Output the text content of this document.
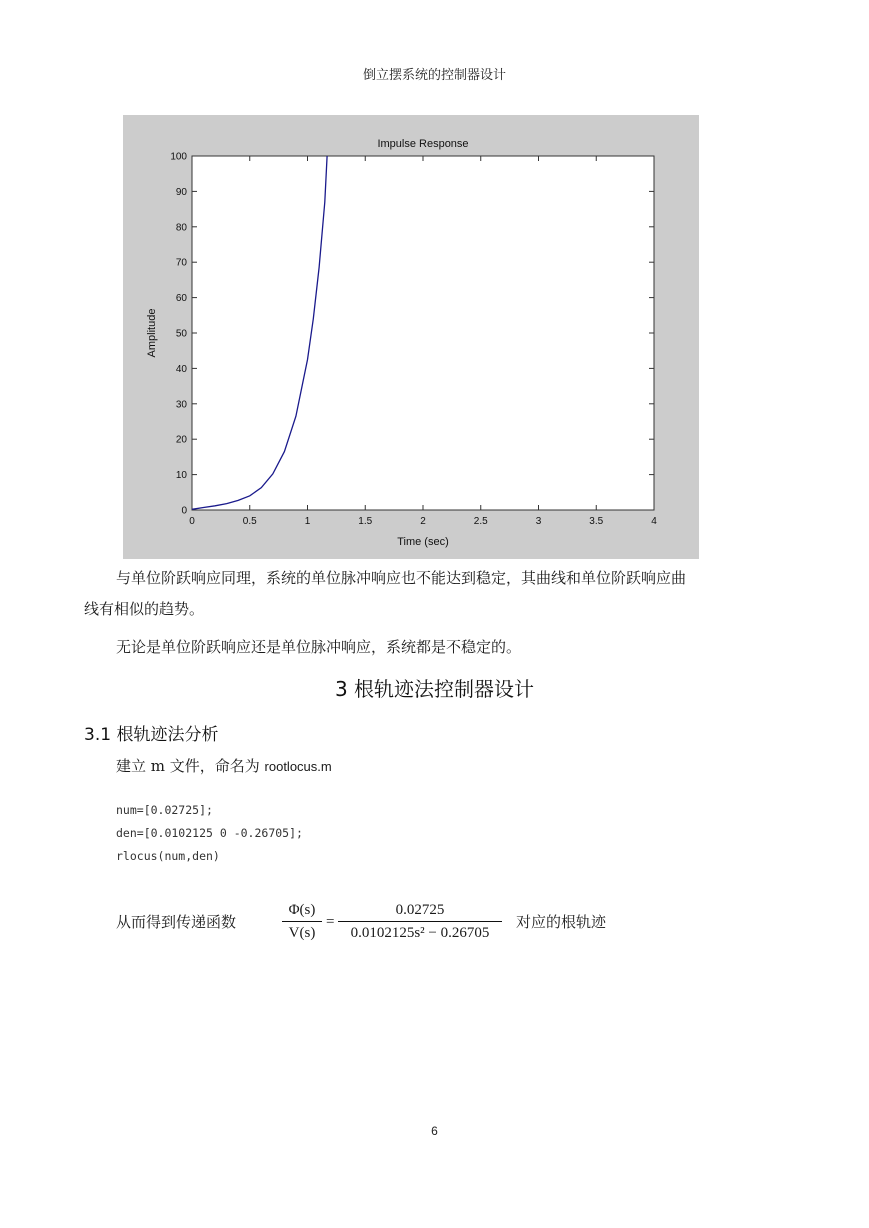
倒立摆系统的控制器设计
Impulse Response
Time (sec)
Amplitude
0	0.5	1	1.5	2	2.5	3	3.5	4
0
10
20
30
40
50
60
70
80
90
100
与单位阶跃响应同理，系统的单位脉冲响应也不能达到稳定，其曲线和单位阶跃响应曲
线有相似的趋势。
无论是单位阶跃响应还是单位脉冲响应，系统都是不稳定的。
3 根轨迹法控制器设计
3.1 根轨迹法分析
建立 m 文件，命名为 rootlocus.m
num=[0.02725];
den=[0.0102125 0 -0.26705];
rlocus(num,den)
从而得到传递函数
Φ(s)
V(s)
=
0.02725
0.0102125s² − 0.26705
对应的根轨迹
6
